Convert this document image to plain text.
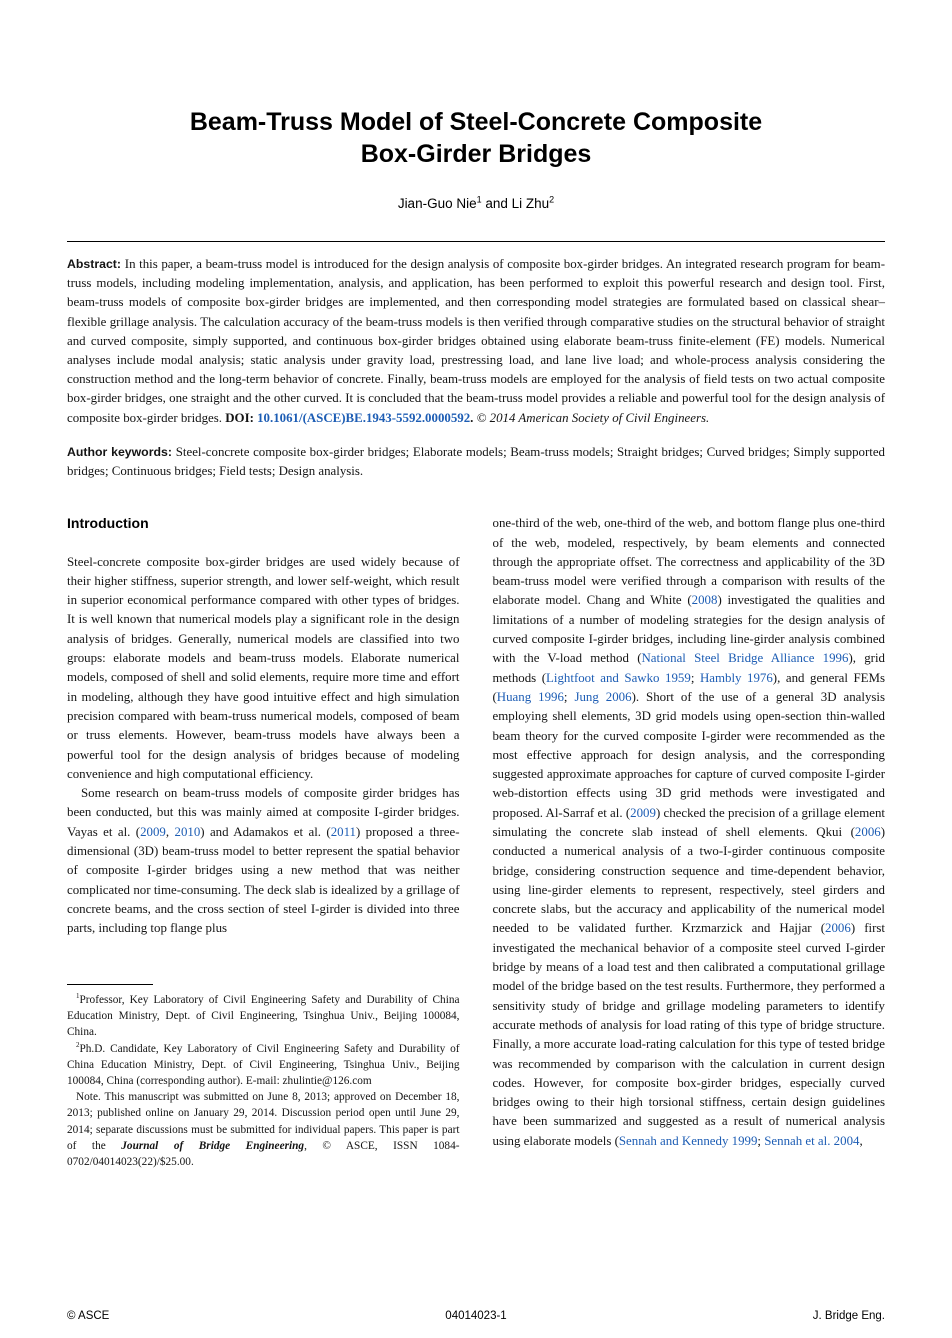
Beam-Truss Model of Steel-Concrete Composite
Box-Girder Bridges
Jian-Guo Nie$^1$ and Li Zhu$^2$

Abstract: In this paper, a beam-truss model is introduced for the design analysis of composite box-girder bridges. An integrated research program for beam-truss models, including modeling implementation, analysis, and application, has been performed to exploit this powerful research and design tool. First, beam-truss models of composite box-girder bridges are implemented, and then corresponding model strategies are formulated based on classical shear–flexible grillage analysis. The calculation accuracy of the beam-truss models is then verified through comparative studies on the structural behavior of straight and curved composite, simply supported, and continuous box-girder bridges obtained using elaborate beam-truss finite-element (FE) models. Numerical analyses include modal analysis; static analysis under gravity load, prestressing load, and lane live load; and whole-process analysis considering the construction method and the long-term behavior of concrete. Finally, beam-truss models are employed for the analysis of field tests on two actual composite box-girder bridges, one straight and the other curved. It is concluded that the beam-truss model provides a reliable and powerful tool for the design analysis of composite box-girder bridges. DOI: 10.1061/(ASCE)BE.1943-5592.0000592. © 2014 American Society of Civil Engineers.

Author keywords: Steel-concrete composite box-girder bridges; Elaborate models; Beam-truss models; Straight bridges; Curved bridges; Simply supported bridges; Continuous bridges; Field tests; Design analysis.

Introduction

Steel-concrete composite box-girder bridges are used widely because of their higher stiffness, superior strength, and lower self-weight, which result in superior economical performance compared with other types of bridges. It is well known that numerical models play a significant role in the design analysis of bridges. Generally, numerical models are classified into two groups: elaborate models and beam-truss models. Elaborate numerical models, composed of shell and solid elements, require more time and effort in modeling, although they have good intuitive effect and high simulation precision compared with beam-truss numerical models, composed of beam or truss elements. However, beam-truss models have always been a powerful tool for the design analysis of bridges because of modeling convenience and high computational efficiency.

Some research on beam-truss models of composite girder bridges has been conducted, but this was mainly aimed at composite I-girder bridges. Vayas et al. (2009, 2010) and Adamakos et al. (2011) proposed a three-dimensional (3D) beam-truss model to better represent the spatial behavior of composite I-girder bridges using a new method that was neither complicated nor time-consuming. The deck slab is idealized by a grillage of concrete beams, and the cross section of steel I-girder is divided into three parts, including top flange plus

$^1$Professor, Key Laboratory of Civil Engineering Safety and Durability of China Education Ministry, Dept. of Civil Engineering, Tsinghua Univ., Beijing 100084, China.

$^2$Ph.D. Candidate, Key Laboratory of Civil Engineering Safety and Durability of China Education Ministry, Dept. of Civil Engineering, Tsinghua Univ., Beijing 100084, China (corresponding author). E-mail: zhulintie@126.com

Note. This manuscript was submitted on June 8, 2013; approved on December 18, 2013; published online on January 29, 2014. Discussion period open until June 29, 2014; separate discussions must be submitted for individual papers. This paper is part of the Journal of Bridge Engineering, © ASCE, ISSN 1084-0702/04014023(22)/$25.00.

one-third of the web, one-third of the web, and bottom flange plus one-third of the web, modeled, respectively, by beam elements and connected through the appropriate offset. The correctness and applicability of the 3D beam-truss model were verified through a comparison with results of the elaborate model. Chang and White (2008) investigated the qualities and limitations of a number of modeling strategies for the design analysis of curved composite I-girder bridges, including line-girder analysis combined with the V-load method (National Steel Bridge Alliance 1996), grid methods (Lightfoot and Sawko 1959; Hambly 1976), and general FEMs (Huang 1996; Jung 2006). Short of the use of a general 3D analysis employing shell elements, 3D grid models using open-section thin-walled beam theory for the curved composite I-girder were recommended as the most effective approach for design analysis, and the corresponding suggested approximate approaches for capture of curved composite I-girder web-distortion effects using 3D grid methods were investigated and proposed. Al-Sarraf et al. (2009) checked the precision of a grillage element simulating the concrete slab instead of shell elements. Qkui (2006) conducted a numerical analysis of a two-I-girder continuous composite bridge, considering construction sequence and time-dependent behavior, using line-girder elements to represent, respectively, steel girders and concrete slabs, but the accuracy and applicability of the numerical model needed to be validated further. Krzmarzick and Hajjar (2006) first investigated the mechanical behavior of a composite steel curved I-girder bridge by means of a load test and then calibrated a computational grillage model of the bridge based on the test results. Furthermore, they performed a sensitivity study of bridge and grillage modeling parameters to identify accurate methods of analysis for load rating of this type of bridge structure. Finally, a more accurate load-rating calculation for this type of tested bridge was recommended by comparison with the calculation in current design codes. However, for composite box-girder bridges, especially curved bridges owing to their high torsional stiffness, certain design guidelines have been summarized and suggested as a result of numerical analysis using elaborate models (Sennah and Kennedy 1999; Sennah et al. 2004,

© ASCE	04014023-1	J. Bridge Eng.
